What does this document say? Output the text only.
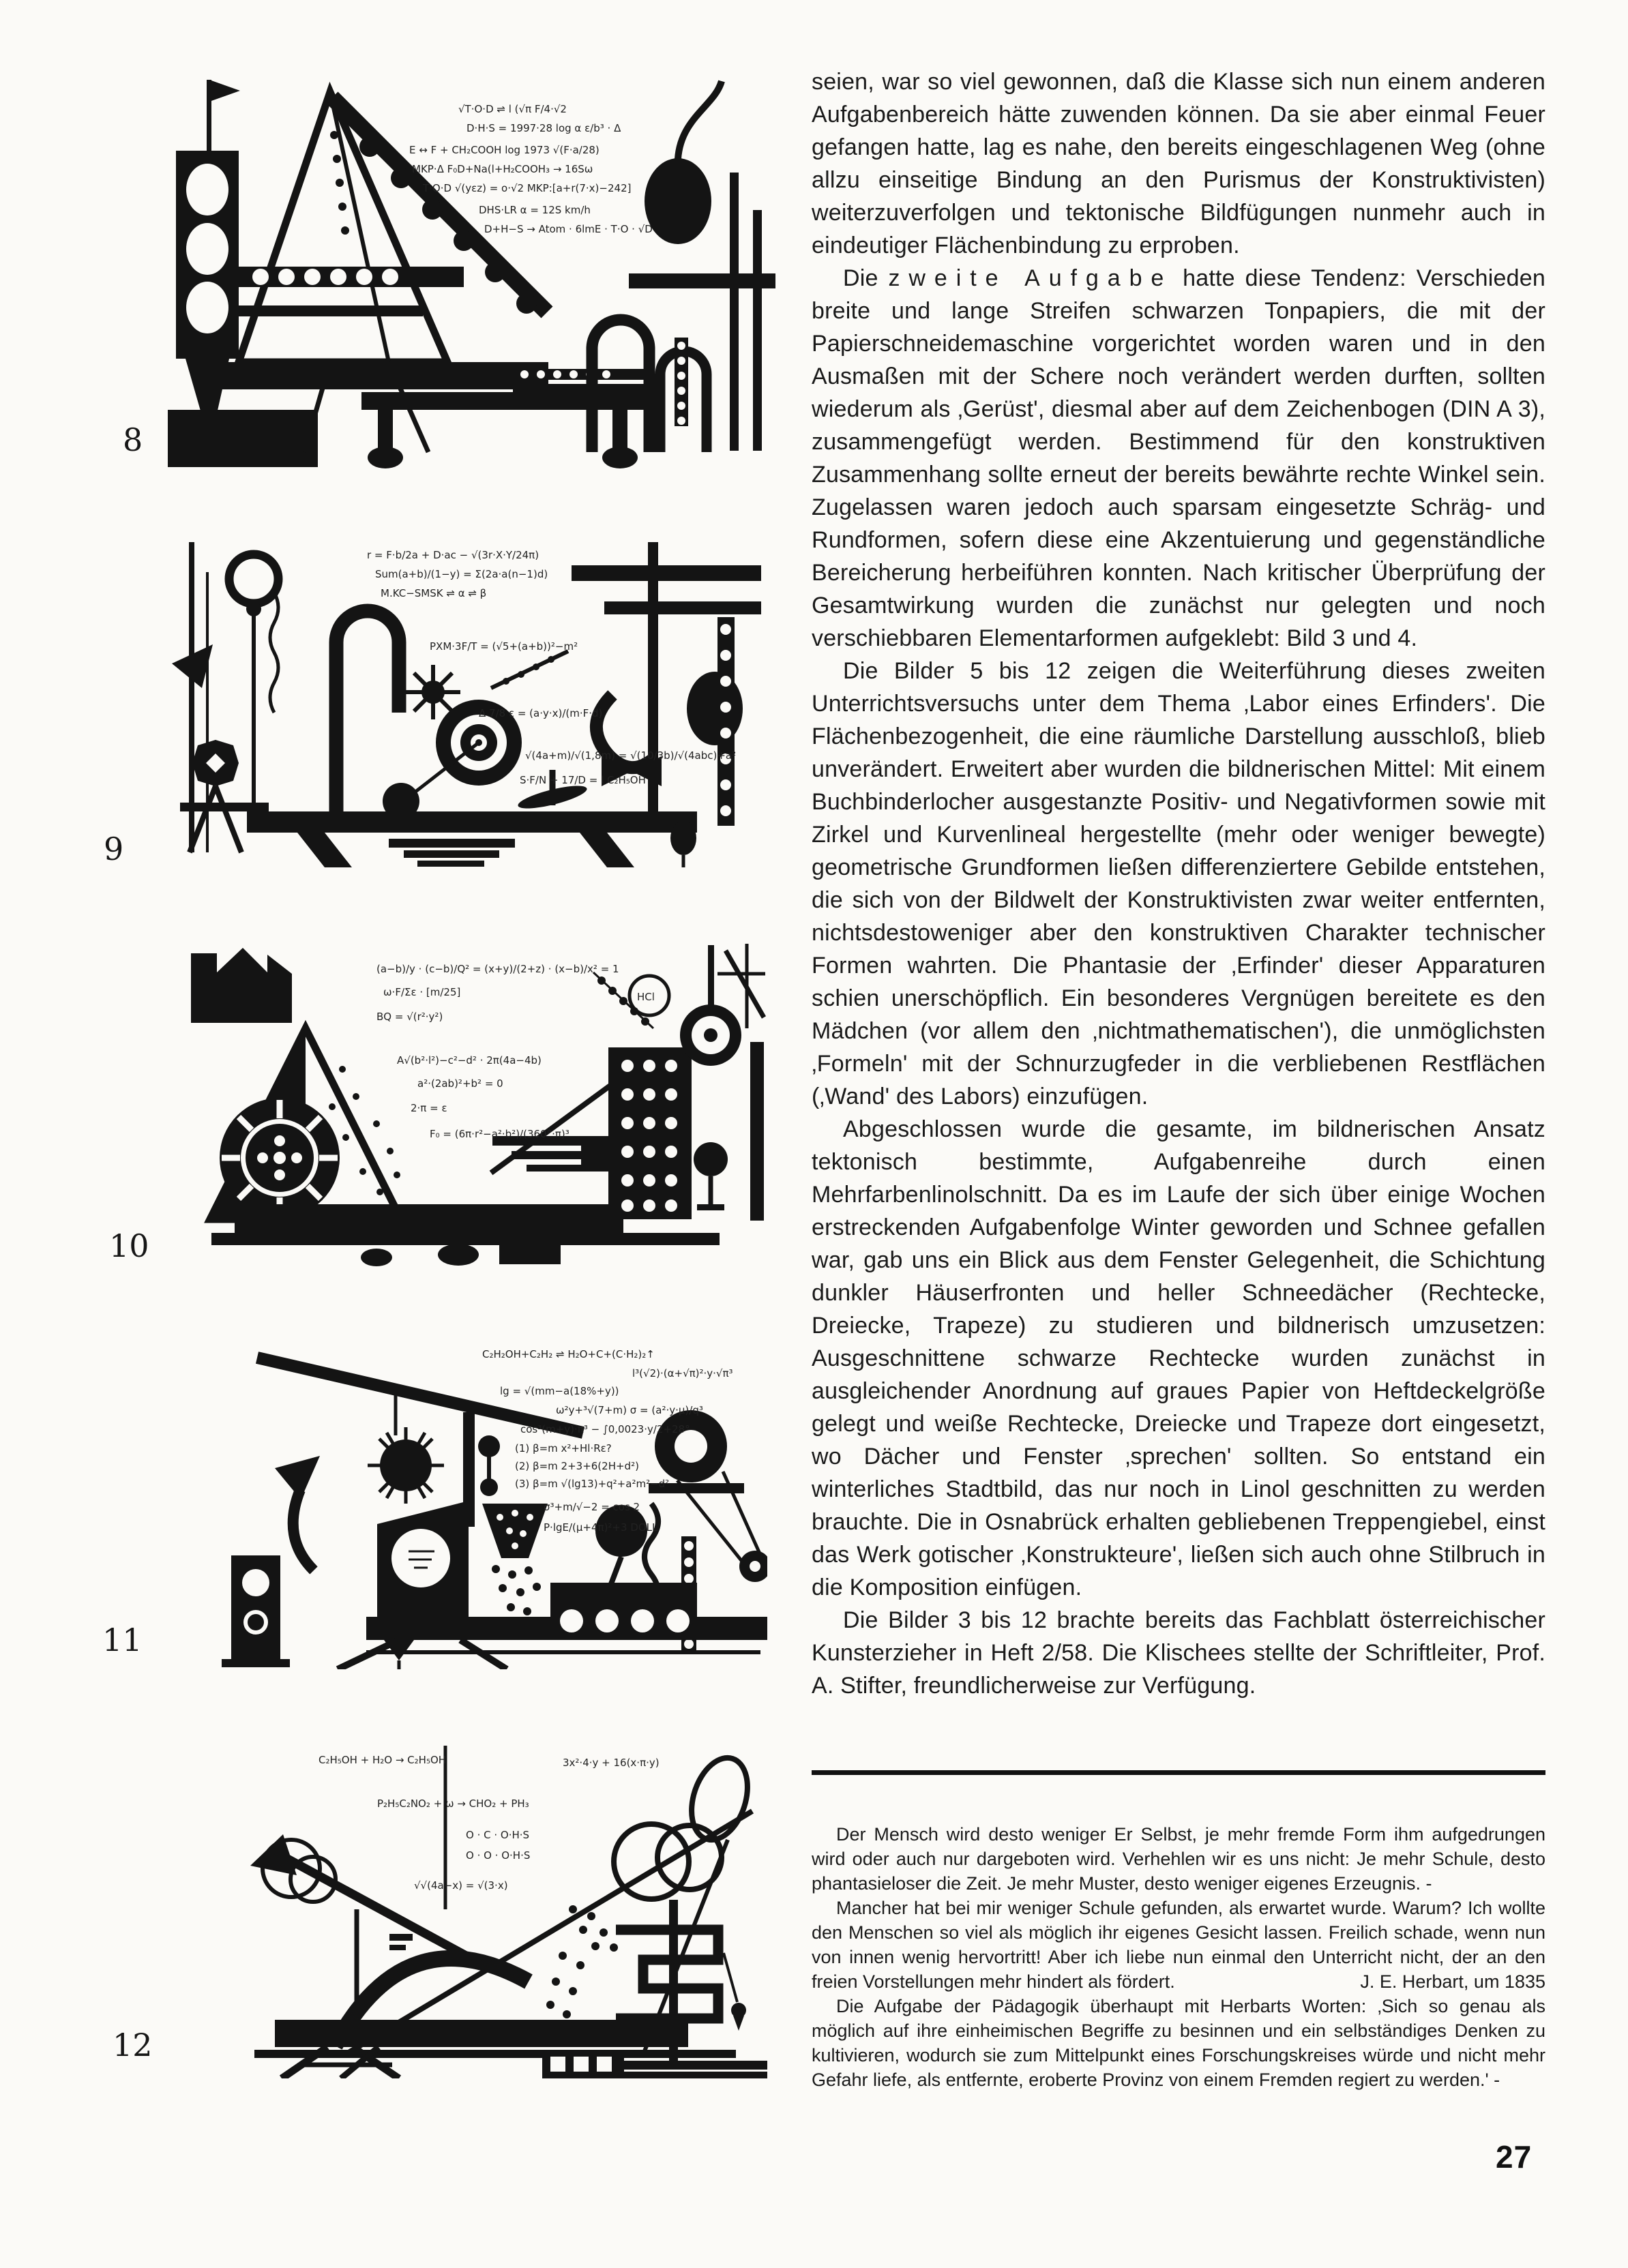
√T·O·D ⇌ l (√π F/4·√2
D·H·S = 1997·28 log α ε/b³ · Δ
E ↔ F + CH₂COOH log 1973 √(F·a/28)
MKP·Δ F₀D+Na(l+H₂COOH₃ → 16Sω
T·O·D √(yεz) = o·√2 MKP:[a+r(7·x)−242]
DHS·LR α = 12S km/h
D+H−S → Atom · 6lmE · T·O · √D
8
r = F·b/2a + D·ac − √(3r·X·Y/24π)
Sum(a+b)/(1−y) = Σ(2a·a(n−1)d)
M.KC−SMSK ⇌ α ⇌ β
PXM·3F/T = (√5+(a+b))²−m²
Δ 7/8 ε = (a·y·x)/(m·F·d)
√(4a+m)/√(1,8m) = √(10/3b)/√(4abc)+a²
S·F/N + 17/D = l C₂H₅OH
9
(a−b)/y · (c−b)/Q² = (x+y)/(2+z) · (x−b)/x² = 1
ω·F/Σε · [m/25]
BQ = √(r²·y²)
A√(b²·l²)−c²−d² · 2π(4a−4b)
a²·(2ab)²+b² = 0
2·π = ε
F₀ = (6π·r²−a²·b²)/(360°·π)³
HCl
10
C₂H₂OH+C₂H₂ ⇌ H₂O+C+(C·H₂)₂↑
l³(√2)·(α+√π)²·y·√π³
lg = √(mm−a(18%+y))
ω²y+³√(7+m) σ = (a²·y·μ)/q³
cos³(m+y)·π³ − ∫0,0023·y/2+28°
(1) β=m x²+Hl·Rε?
(2) β=m 2+3+6(2H+d²)
(3) β=m √(lg13)+q²+a²m²−d²
σ³+m/√−2 = cos 2
P·lgE/(μ+4π)²+3 DOLL
11
C₂H₅OH + H₂O → C₂H₅OH	3x²·4·y + 16(x·π·y)
P₂H₅C₂NO₂ + ω → CHO₂ + PH₃
O · C · O·H·S
O · O · O·H·S
√√(4a−x) = √(3·x)
12

seien, war so viel gewonnen, daß die Klasse sich nun einem anderen Aufgabenbereich hätte zuwenden können. Da sie aber einmal Feuer gefangen hatte, lag es nahe, den bereits eingeschlagenen Weg (ohne allzu einseitige Bindung an den Purismus der Konstruktivisten) weiterzuverfolgen und tektonische Bildfügungen nunmehr auch in eindeutiger Flächenbindung zu erproben.

Die zweite Aufgabe hatte diese Tendenz: Verschieden breite und lange Streifen schwarzen Tonpapiers, die mit der Papierschneidemaschine vorgerichtet worden waren und in den Ausmaßen mit der Schere noch verändert werden durften, sollten wiederum als ‚Gerüst', diesmal aber auf dem Zeichenbogen (DIN A 3), zusammengefügt werden. Bestimmend für den konstruktiven Zusammenhang sollte erneut der bereits bewährte rechte Winkel sein. Zugelassen waren jedoch auch sparsam eingesetzte Schräg- und Rundformen, sofern diese eine Akzentuierung und gegenständliche Bereicherung herbeiführen konnten. Nach kritischer Überprüfung der Gesamtwirkung wurden die zunächst nur gelegten und noch verschiebbaren Elementarformen aufgeklebt: Bild 3 und 4.

Die Bilder 5 bis 12 zeigen die Weiterführung dieses zweiten Unterrichtsversuchs unter dem Thema ‚Labor eines Erfinders'. Die Flächenbezogenheit, die eine räumliche Darstellung ausschloß, blieb unverändert. Erweitert aber wurden die bildnerischen Mittel: Mit einem Buchbinderlocher ausgestanzte Positiv- und Negativformen sowie mit Zirkel und Kurvenlineal hergestellte (mehr oder weniger bewegte) geometrische Grundformen ließen differenziertere Gebilde entstehen, die sich von der Bildwelt der Konstruktivisten zwar weiter entfernten, nichtsdestoweniger aber den konstruktiven Charakter technischer Formen wahrten. Die Phantasie der ‚Erfinder' dieser Apparaturen schien unerschöpflich. Ein besonderes Vergnügen bereitete es den Mädchen (vor allem den ‚nichtmathematischen'), die unmöglichsten ‚Formeln' mit der Schnurzugfeder in die verbliebenen Restflächen (‚Wand' des Labors) einzufügen.

Abgeschlossen wurde die gesamte, im bildnerischen Ansatz tektonisch bestimmte, Aufgabenreihe durch einen Mehrfarbenlinolschnitt. Da es im Laufe der sich über einige Wochen erstreckenden Aufgabenfolge Winter geworden und Schnee gefallen war, gab uns ein Blick aus dem Fenster Gelegenheit, die Schichtung dunkler Häuserfronten und heller Schneedächer (Rechtecke, Dreiecke, Trapeze) zu studieren und bildnerisch umzusetzen: Ausgeschnittene schwarze Rechtecke wurden zunächst in ausgleichender Anordnung auf graues Papier von Heftdeckelgröße gelegt und weiße Rechtecke, Dreiecke und Trapeze dort eingesetzt, wo Dächer und Fenster ‚sprechen' sollten. So entstand ein winterliches Stadtbild, das nur noch in Linol geschnitten zu werden brauchte. Die in Osnabrück erhalten gebliebenen Treppengiebel, einst das Werk gotischer ‚Konstrukteure', ließen sich auch ohne Stilbruch in die Komposition einfügen.

Die Bilder 3 bis 12 brachte bereits das Fachblatt österreichischer Kunsterzieher in Heft 2/58. Die Klischees stellte der Schriftleiter, Prof. A. Stifter, freundlicherweise zur Verfügung.

Der Mensch wird desto weniger Er Selbst, je mehr fremde Form ihm aufgedrungen wird oder auch nur dargeboten wird. Verhehlen wir es uns nicht: Je mehr Schule, desto phantasieloser die Zeit. Je mehr Muster, desto weniger eigenes Erzeugnis. -

Mancher hat bei mir weniger Schule gefunden, als erwartet wurde. Warum? Ich wollte den Menschen so viel als möglich ihr eigenes Gesicht lassen. Freilich schade, wenn nun von innen wenig hervortritt! Aber ich liebe nun einmal den Unterricht nicht, der an den freien Vorstellungen mehr hindert als fördert.	J. E. Herbart, um 1835

Die Aufgabe der Pädagogik überhaupt mit Herbarts Worten: ‚Sich so genau als möglich auf ihre einheimischen Begriffe zu besinnen und ein selbständiges Denken zu kultivieren, wodurch sie zum Mittelpunkt eines Forschungskreises würde und nicht mehr Gefahr liefe, als entfernte, eroberte Provinz von einem Fremden regiert zu werden.' -

27
